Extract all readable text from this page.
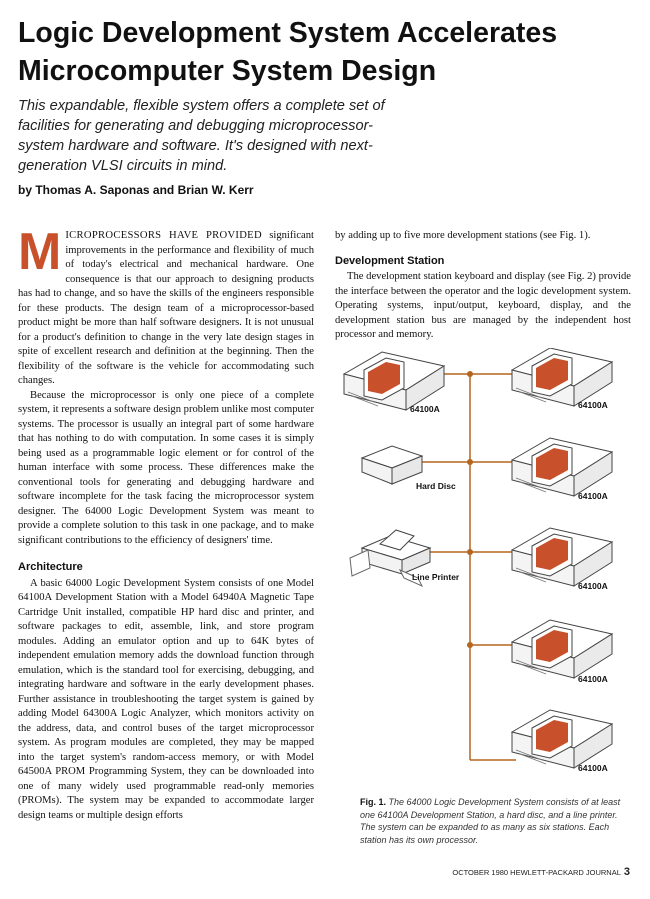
Logic Development System Accelerates Microcomputer System Design

This expandable, flexible system offers a complete set of facilities for generating and debugging microprocessor-system hardware and software. It's designed with next-generation VLSI circuits in mind.

by Thomas A. Saponas and Brian W. Kerr

MICROPROCESSORS HAVE PROVIDED significant improvements in the performance and flexibility of much of today's electrical and mechanical hardware. One consequence is that our approach to designing products has had to change, and so have the skills of the engineers responsible for these products. The design team of a microprocessor-based product might be more than half software designers. It is not unusual for a product's definition to change in the very late design stages in spite of excellent research and definition at the beginning. Then the flexibility of the software is the vehicle for accommodating such changes.

Because the microprocessor is only one piece of a complete system, it represents a software design problem unlike most computer systems. The processor is usually an integral part of some hardware that has nothing to do with computation. In some cases it is simply being used as a programmable logic element or for control of the human interface with some process. These differences make the conventional tools for generating and debugging hardware and software incomplete for the task facing the microprocessor system designer. The 64000 Logic Development System was meant to provide a complete solution to this task in one package, and to make significant contributions to the efficiency of designers' time.

Architecture

A basic 64000 Logic Development System consists of one Model 64100A Development Station with a Model 64940A Magnetic Tape Cartridge Unit installed, compatible HP hard disc and printer, and software packages to edit, assemble, link, and store program modules. Adding an emulator option and up to 64K bytes of independent emulation memory adds the download function through emulation, which is the standard tool for exercising, debugging, and integrating hardware and software in the early development phases. Further assistance in troubleshooting the target system is gained by adding Model 64300A Logic Analyzer, which monitors activity on the address, data, and control buses of the target microprocessor system. As program modules are completed, they may be mapped into the target system's random-access memory, or with Model 64500A PROM Programming System, they can be downloaded into one of many widely used programmable read-only memories (PROMs). The system may be expanded to accommodate larger design teams or multiple design efforts

by adding up to five more development stations (see Fig. 1).

Development Station

The development station keyboard and display (see Fig. 2) provide the interface between the operator and the logic development system. Operating systems, input/output, keyboard, display, and the development station bus are managed by the independent host processor and memory.

64100A	64100A
64100A
64100A
64100A
64100A
Hard Disc
Line Printer
Fig. 1. The 64000 Logic Development System consists of at least one 64100A Development Station, a hard disc, and a line printer. The system can be expanded to as many as six stations. Each station has its own processor.
OCTOBER 1980 HEWLETT-PACKARD JOURNAL 3
